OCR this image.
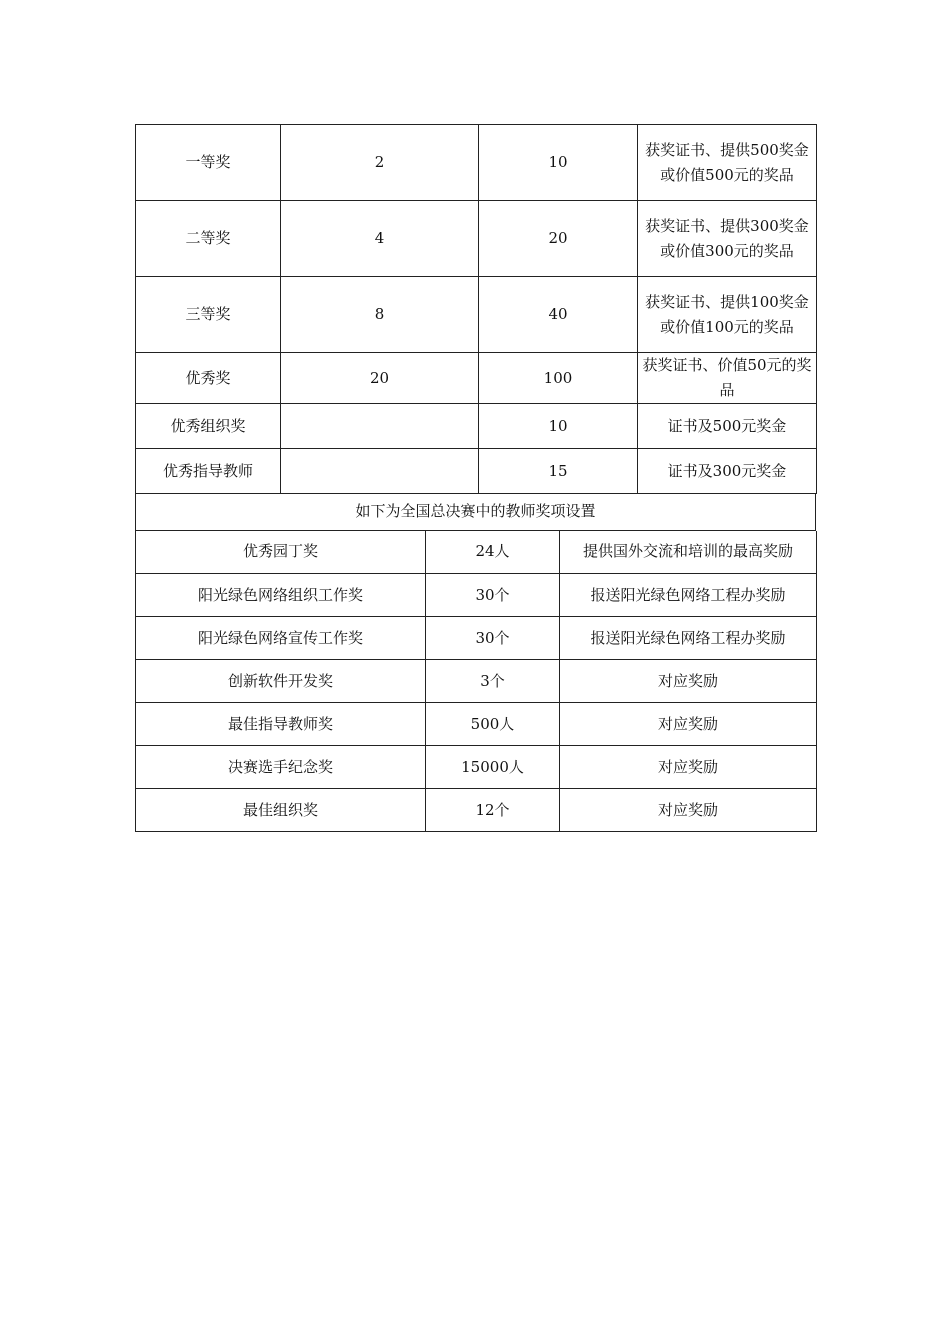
一等奖	2	10	获奖证书、提供500奖金或价值500元的奖品
二等奖	4	20	获奖证书、提供300奖金或价值300元的奖品
三等奖	8	40	获奖证书、提供100奖金或价值100元的奖品
优秀奖	20	100	获奖证书、价值50元的奖品
优秀组织奖		10	证书及500元奖金
优秀指导教师		15	证书及300元奖金
如下为全国总决赛中的教师奖项设置
优秀园丁奖	24人	提供国外交流和培训的最高奖励
阳光绿色网络组织工作奖	30个	报送阳光绿色网络工程办奖励
阳光绿色网络宣传工作奖	30个	报送阳光绿色网络工程办奖励
创新软件开发奖	3个	对应奖励
最佳指导教师奖	500人	对应奖励
决赛选手纪念奖	15000人	对应奖励
最佳组织奖	12个	对应奖励
